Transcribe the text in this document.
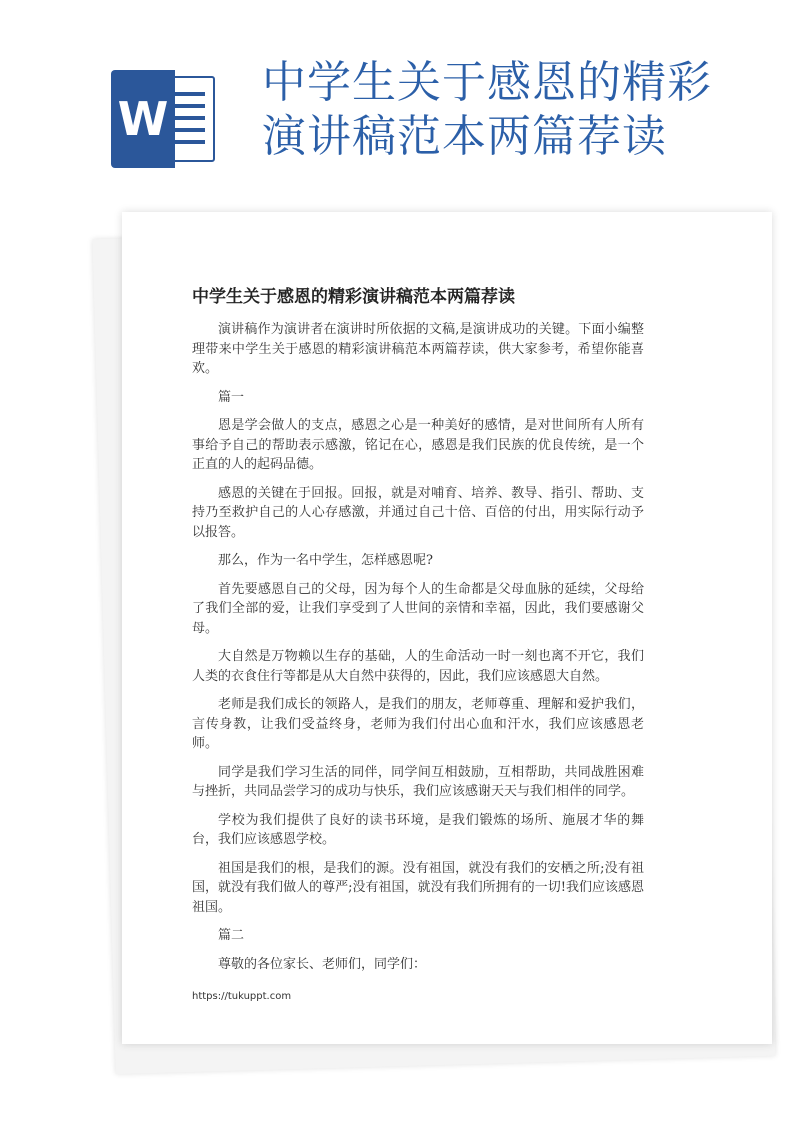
W
中学生关于感恩的精彩
演讲稿范本两篇荐读
中学生关于感恩的精彩演讲稿范本两篇荐读

演讲稿作为演讲者在演讲时所依据的文稿,是演讲成功的关键。下面小编整理带来中学生关于感恩的精彩演讲稿范本两篇荐读，供大家参考，希望你能喜欢。

篇一

恩是学会做人的支点，感恩之心是一种美好的感情，是对世间所有人所有事给予自己的帮助表示感激，铭记在心，感恩是我们民族的优良传统，是一个正直的人的起码品德。

感恩的关键在于回报。回报，就是对哺育、培养、教导、指引、帮助、支持乃至救护自己的人心存感激，并通过自己十倍、百倍的付出，用实际行动予以报答。

那么，作为一名中学生，怎样感恩呢?

首先要感恩自己的父母，因为每个人的生命都是父母血脉的延续，父母给了我们全部的爱，让我们享受到了人世间的亲情和幸福，因此，我们要感谢父母。

大自然是万物赖以生存的基础，人的生命活动一时一刻也离不开它，我们人类的衣食住行等都是从大自然中获得的，因此，我们应该感恩大自然。

老师是我们成长的领路人，是我们的朋友，老师尊重、理解和爱护我们，言传身教，让我们受益终身，老师为我们付出心血和汗水，我们应该感恩老师。

同学是我们学习生活的同伴，同学间互相鼓励，互相帮助，共同战胜困难与挫折，共同品尝学习的成功与快乐，我们应该感谢天天与我们相伴的同学。

学校为我们提供了良好的读书环境，是我们锻炼的场所、施展才华的舞台，我们应该感恩学校。

祖国是我们的根，是我们的源。没有祖国，就没有我们的安栖之所;没有祖国，就没有我们做人的尊严;没有祖国，就没有我们所拥有的一切!我们应该感恩祖国。

篇二

尊敬的各位家长、老师们，同学们：

https://tukuppt.com
